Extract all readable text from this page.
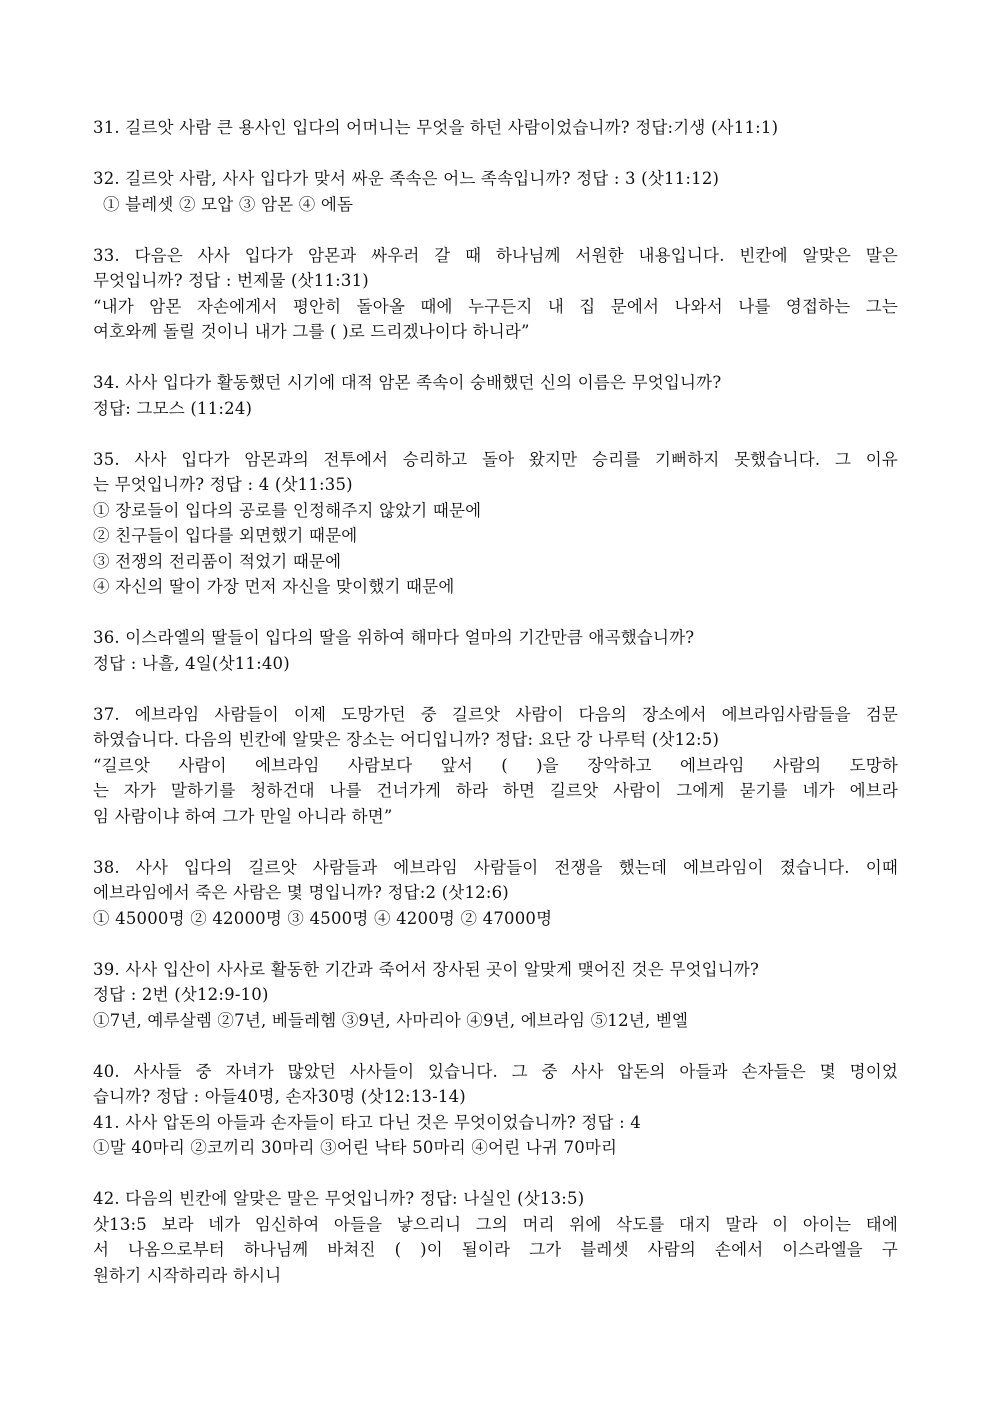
31. 길르앗 사람 큰 용사인 입다의 어머니는 무엇을 하던 사람이었습니까? 정답:기생 (사11:1)
32. 길르앗 사람, 사사 입다가 맞서 싸운 족속은 어느 족속입니까? 정답 : 3 (삿11:12)
① 블레셋 ② 모압 ③ 암몬 ④ 에돔
33. 다음은 사사 입다가 암몬과 싸우러 갈 때 하나님께 서원한 내용입니다. 빈칸에 알맞은 말은
무엇입니까? 정답 : 번제물 (삿11:31)
“내가 암몬 자손에게서 평안히 돌아올 때에 누구든지 내 집 문에서 나와서 나를 영접하는 그는
여호와께 돌릴 것이니 내가 그를 ( )로 드리겠나이다 하니라”
34. 사사 입다가 활동했던 시기에 대적 암몬 족속이 숭배했던 신의 이름은 무엇입니까?
정답: 그모스 (11:24)
35. 사사 입다가 암몬과의 전투에서 승리하고 돌아 왔지만 승리를 기뻐하지 못했습니다. 그 이유
는 무엇입니까? 정답 : 4 (삿11:35)
① 장로들이 입다의 공로를 인정해주지 않았기 때문에
② 친구들이 입다를 외면했기 때문에
③ 전쟁의 전리품이 적었기 때문에
④ 자신의 딸이 가장 먼저 자신을 맞이했기 때문에
36. 이스라엘의 딸들이 입다의 딸을 위하여 해마다 얼마의 기간만큼 애곡했습니까?
정답 : 나흘, 4일(삿11:40)
37. 에브라임 사람들이 이제 도망가던 중 길르앗 사람이 다음의 장소에서 에브라임사람들을 검문
하였습니다. 다음의 빈칸에 알맞은 장소는 어디입니까? 정답: 요단 강 나루턱 (삿12:5)
“길르앗 사람이 에브라임 사람보다 앞서 ( )을 장악하고 에브라임 사람의 도망하
는 자가 말하기를 청하건대 나를 건너가게 하라 하면 길르앗 사람이 그에게 묻기를 네가 에브라
임 사람이냐 하여 그가 만일 아니라 하면”
38. 사사 입다의 길르앗 사람들과 에브라임 사람들이 전쟁을 했는데 에브라임이 졌습니다. 이때
에브라임에서 죽은 사람은 몇 명입니까? 정답:2 (삿12:6)
① 45000명 ② 42000명 ③ 4500명 ④ 4200명 ② 47000명
39. 사사 입산이 사사로 활동한 기간과 죽어서 장사된 곳이 알맞게 맺어진 것은 무엇입니까?
정답 : 2번 (삿12:9-10)
①7년, 예루살렘 ②7년, 베들레헴 ③9년, 사마리아 ④9년, 에브라임 ⑤12년, 벧엘
40. 사사들 중 자녀가 많았던 사사들이 있습니다. 그 중 사사 압돈의 아들과 손자들은 몇 명이었
습니까? 정답 : 아들40명, 손자30명 (삿12:13-14)
41. 사사 압돈의 아들과 손자들이 타고 다닌 것은 무엇이었습니까? 정답 : 4
①말 40마리 ②코끼리 30마리 ③어린 낙타 50마리 ④어린 나귀 70마리
42. 다음의 빈칸에 알맞은 말은 무엇입니까? 정답: 나실인 (삿13:5)
삿13:5 보라 네가 임신하여 아들을 낳으리니 그의 머리 위에 삭도를 대지 말라 이 아이는 태에
서 나옴으로부터 하나님께 바쳐진 ( )이 될이라 그가 블레셋 사람의 손에서 이스라엘을 구
원하기 시작하리라 하시니
